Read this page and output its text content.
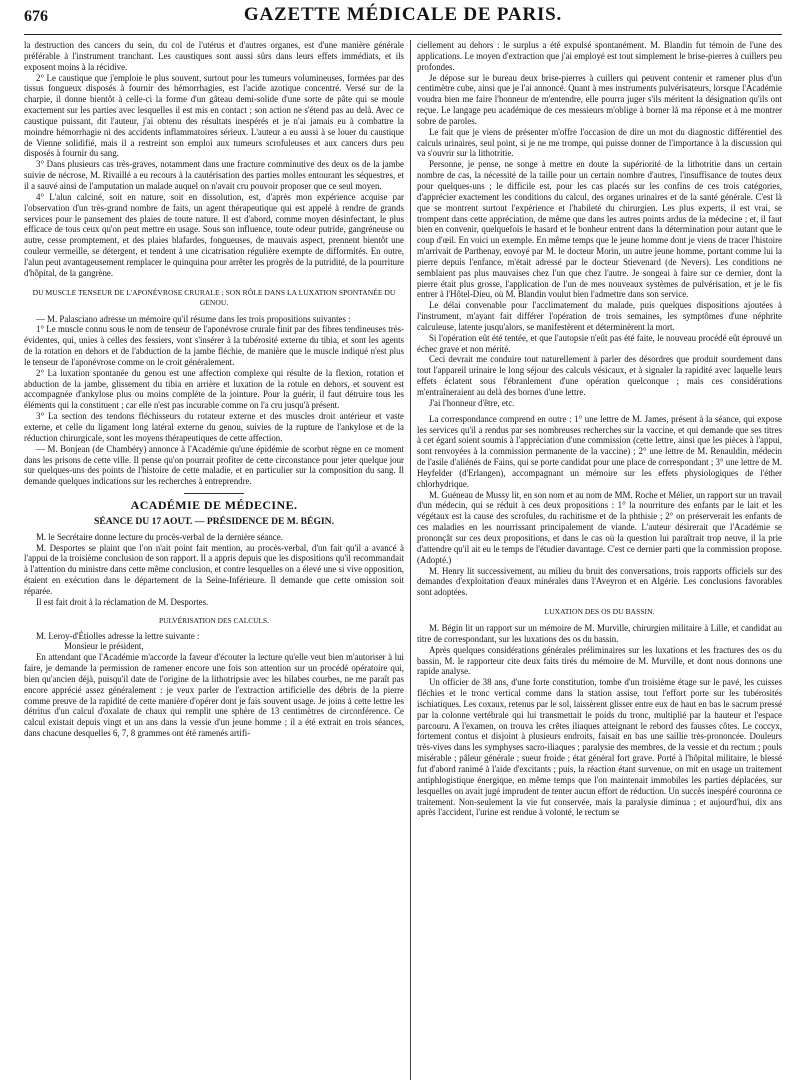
676	GAZETTE MÉDICALE DE PARIS.

la destruction des cancers du sein, du col de l'utérus et d'autres organes, est d'une manière générale préférable à l'instrument tranchant. Les caustiques sont aussi sûrs dans leurs effets immédiats, et ils exposent moins à la récidive.

2° Le caustique que j'emploie le plus souvent, surtout pour les tumeurs volumineuses, formées par des tissus fongueux disposés à fournir des hémorrhagies, est l'acide azotique concentré. Versé sur de la charpie, il donne bientôt à celle-ci la forme d'un gâteau demi-solide d'une sorte de pâte qui se moule exactement sur les parties avec lesquelles il est mis en contact ; son action ne s'étend pas au delà. Avec ce caustique puissant, dit l'auteur, j'ai obtenu des résultats inespérés et je n'ai jamais eu à combattre la moindre hémorrhagie ni des accidents inflammatoires sérieux. L'auteur a eu aussi à se louer du caustique de Vienne solidifié, mais il a restreint son emploi aux tumeurs scrofuleuses et aux cancers durs peu disposés à fournir du sang.

3° Dans plusieurs cas très-graves, notamment dans une fracture comminutive des deux os de la jambe suivie de nécrose, M. Rivaillé a eu recours à la cautérisation des parties molles entourant les séquestres, et il a sauvé ainsi de l'amputation un malade auquel on n'avait cru pouvoir proposer que ce seul moyen.

4° L'alun calciné, soit en nature, soit en dissolution, est, d'après mon expérience acquise par l'observation d'un très-grand nombre de faits, un agent thérapeutique qui est appelé à rendre de grands services pour le pansement des plaies de toute nature. Il est d'abord, comme moyen désinfectant, le plus efficace de tous ceux qu'on peut mettre en usage. Sous son influence, toute odeur putride, gangréneuse ou autre, cesse promptement, et des plaies blafardes, fongueuses, de mauvais aspect, prennent bientôt une couleur vermeille, se détergent, et tendent à une cicatrisation régulière exempte de difformités. En outre, l'alun peut avantageusement remplacer le quinquina pour arrêter les progrès de la putridité, de la pourriture d'hôpital, de la gangrène.

DU MUSCLE TENSEUR DE L'APONÉVROSE CRURALE ; SON RÔLE DANS LA LUXATION SPONTANÉE DU GENOU.

— M. Palasciano adresse un mémoire qu'il résume dans les trois propositions suivantes :

1° Le muscle connu sous le nom de tenseur de l'aponévrose crurale finit par des fibres tendineuses très-évidentes, qui, unies à celles des fessiers, vont s'insérer à la tubérosité externe du tibia, et sont les agents de la rotation en dehors et de l'abduction de la jambe fléchie, de manière que le muscle indiqué n'est plus le tenseur de l'aponévrose comme on le croit généralement.

2° La luxation spontanée du genou est une affection complexe qui résulte de la flexion, rotation et abduction de la jambe, glissement du tibia en arrière et luxation de la rotule en dehors, et souvent est accompagnée d'ankylose plus ou moins complète de la jointure. Pour la guérir, il faut détruire tous les éléments qui la constituent ; car elle n'est pas incurable comme on l'a cru jusqu'à présent.

3° La section des tendons fléchisseurs du rotateur externe et des muscles droit antérieur et vaste externe, et celle du ligament long latéral externe du genou, suivies de la rupture de l'ankylose et de la réduction chirurgicale, sont les moyens thérapeutiques de cette affection.

— M. Bonjean (de Chambéry) annonce à l'Académie qu'une épidémie de scorbut règne en ce moment dans les prisons de cette ville. Il pense qu'on pourrait profiter de cette circonstance pour jeter quelque jour sur quelques-uns des points de l'histoire de cette maladie, et en particulier sur la composition du sang. Il demande quelques indications sur les recherches à entreprendre.

ACADÉMIE DE MÉDECINE.
SÉANCE DU 17 AOUT. — PRÉSIDENCE DE M. BÉGIN.

M. le Secrétaire donne lecture du procès-verbal de la dernière séance.

M. Desportes se plaint que l'on n'ait point fait mention, au procès-verbal, d'un fait qu'il a avancé à l'appui de la troisième conclusion de son rapport. Il a appris depuis que les dispositions qu'il recommandait à l'attention du ministre dans cette même conclusion, et contre lesquelles on a élevé une si vive opposition, étaient en exécution dans le département de la Seine-Inférieure. Il demande que cette omission soit réparée.

Il est fait droit à la réclamation de M. Desportes.

PULVÉRISATION DES CALCULS.

M. Leroy-d'Étiolles adresse la lettre suivante :

Monsieur le président,

En attendant que l'Académie m'accorde la faveur d'écouter la lecture qu'elle veut bien m'autoriser à lui faire, je demande la permission de ramener encore une fois son attention sur un procédé opératoire qui, bien qu'ancien déjà, puisqu'il date de l'origine de la lithotripsie avec les bilabes courbes, ne me paraît pas encore apprécié assez généralement : je veux parler de l'extraction artificielle des débris de la pierre comme preuve de la rapidité de cette manière d'opérer dont je fais souvent usage. Je joins à cette lettre les détritus d'un calcul d'oxalate de chaux qui remplit une sphère de 13 centimètres de circonférence. Ce calcul existait depuis vingt et un ans dans la vessie d'un jeune homme ; il a été extrait en trois séances, dans chacune desquelles 6, 7, 8 grammes ont été ramenés artifi-

ciellement au dehors : le surplus a été expulsé spontanément. M. Blandin fut témoin de l'une des applications. Le moyen d'extraction que j'ai employé est tout simplement le brise-pierres à cuillers peu profondes.

Je dépose sur le bureau deux brise-pierres à cuillers qui peuvent contenir et ramener plus d'un centimètre cube, ainsi que je l'ai annoncé. Quant à mes instruments pulvérisateurs, lorsque l'Académie voudra bien me faire l'honneur de m'entendre, elle pourra juger s'ils méritent la désignation qu'ils ont reçue. Le langage peu académique de ces messieurs m'oblige à borner là ma réponse et à me montrer sobre de paroles.

Le fait que je viens de présenter m'offre l'occasion de dire un mot du diagnostic différentiel des calculs urinaires, seul point, si je ne me trompe, qui puisse donner de l'importance à la discussion qui va s'ouvrir sur la lithotritie.

Personne, je pense, ne songe à mettre en doute la supériorité de la lithotritie dans un certain nombre de cas, la nécessité de la taille pour un certain nombre d'autres, l'insuffisance de toutes deux pour quelques-uns ; le difficile est, pour les cas placés sur les confins de ces trois catégories, d'apprécier exactement les conditions du calcul, des organes urinaires et de la santé générale. C'est là que se montrent surtout l'expérience et l'habileté du chirurgien. Les plus experts, il est vrai, se trompent dans cette appréciation, de même que dans les autres points ardus de la médecine ; et, il faut bien en convenir, quelquefois le hasard et le bonheur entrent dans la détermination pour autant que le coup d'œil. En voici un exemple. En même temps que le jeune homme dont je viens de tracer l'histoire m'arrivait de Parthenay, envoyé par M. le docteur Morin, un autre jeune homme, portant comme lui la pierre depuis l'enfance, m'était adressé par le docteur Stievenard (de Nevers). Les conditions ne semblaient pas plus mauvaises chez l'un que chez l'autre. Je songeai à faire sur ce dernier, dont la pierre était plus grosse, l'application de l'un de mes nouveaux systèmes de pulvérisation, et je le fis entrer à l'Hôtel-Dieu, où M. Blandin voulut bien l'admettre dans son service.

Le délai convenable pour l'acclimatement du malade, puis quelques dispositions ajoutées à l'instrument, m'ayant fait différer l'opération de trois semaines, les symptômes d'une néphrite calculeuse, latente jusqu'alors, se manifestèrent et déterminèrent la mort.

Si l'opération eût été tentée, et que l'autopsie n'eût pas été faite, le nouveau procédé eût éprouvé un échec grave et non mérité.

Ceci devrait me conduire tout naturellement à parler des désordres que produit sourdement dans tout l'appareil urinaire le long séjour des calculs vésicaux, et à signaler la rapidité avec laquelle leurs effets éclatent sous l'ébranlement d'une opération quelconque ; mais ces considérations m'entraîneraient au delà des bornes d'une lettre.

J'ai l'honneur d'être, etc.

La correspondance comprend en outre : 1° une lettre de M. James, présent à la séance, qui expose les services qu'il a rendus par ses nombreuses recherches sur la vaccine, et qui demande que ses titres à cet égard soient soumis à l'appréciation d'une commission (cette lettre, ainsi que les pièces à l'appui, sont renvoyées à la commission permanente de la vaccine) ; 2° une lettre de M. Renauldin, médecin de l'asile d'aliénés de Fains, qui se porte candidat pour une place de correspondant ; 3° une lettre de M. Heyfelder (d'Erlangen), accompagnant un mémoire sur les effets physiologiques de l'éther chlorhydrique.

M. Guéneau de Mussy lit, en son nom et au nom de MM. Roche et Mélier, un rapport sur un travail d'un médecin, qui se réduit à ces deux propositions : 1° la nourriture des enfants par le lait et les végétaux est la cause des scrofules, du rachitisme et de la phthisie ; 2° on préserverait les enfants de ces maladies en les nourrissant principalement de viande. L'auteur désirerait que l'Académie se prononçât sur ces deux propositions, et dans le cas où la question lui paraîtrait trop neuve, il la prie d'attendre qu'il ait eu le temps de l'étudier davantage. C'est ce dernier parti que la commission propose. (Adopté.)

M. Henry lit successivement, au milieu du bruit des conversations, trois rapports officiels sur des demandes d'exploitation d'eaux minérales dans l'Aveyron et en Algérie. Les conclusions favorables sont adoptées.

LUXATION DES OS DU BASSIN.

M. Bégin lit un rapport sur un mémoire de M. Murville, chirurgien militaire à Lille, et candidat au titre de correspondant, sur les luxations des os du bassin.

Après quelques considérations générales préliminaires sur les luxations et les fractures des os du bassin, M. le rapporteur cite deux faits tirés du mémoire de M. Murville, et dont nous donnons une rapide analyse.

Un officier de 38 ans, d'une forte constitution, tombe d'un troisième étage sur le pavé, les cuisses fléchies et le tronc vertical comme dans la station assise, tout l'effort porte sur les tubérosités ischiatiques. Les coxaux, retenus par le sol, laissèrent glisser entre eux de haut en bas le sacrum pressé par la colonne vertébrale qui lui transmettait le poids du tronc, multiplié par la hauteur et l'espace parcouru. A l'examen, on trouva les crêtes iliaques atteignant le rebord des fausses côtes. Le coccyx, fortement contus et disjoint à plusieurs endroits, faisait en bas une saillie très-prononcée. Douleurs très-vives dans les symphyses sacro-iliaques ; paralysie des membres, de la vessie et du rectum ; pouls misérable ; pâleur générale ; sueur froide ; état général fort grave. Porté à l'hôpital militaire, le blessé fut d'abord ranimé à l'aide d'excitants ; puis, la réaction étant survenue, on mit en usage un traitement antiphlogistique énergique, en même temps que l'on maintenait immobiles les parties déplacées, sur lesquelles on avait jugé imprudent de tenter aucun effort de réduction. Un succès inespéré couronna ce traitement. Non-seulement la vie fut conservée, mais la paralysie diminua ; et aujourd'hui, dix ans après l'accident, l'urine est rendue à volonté, le rectum se
